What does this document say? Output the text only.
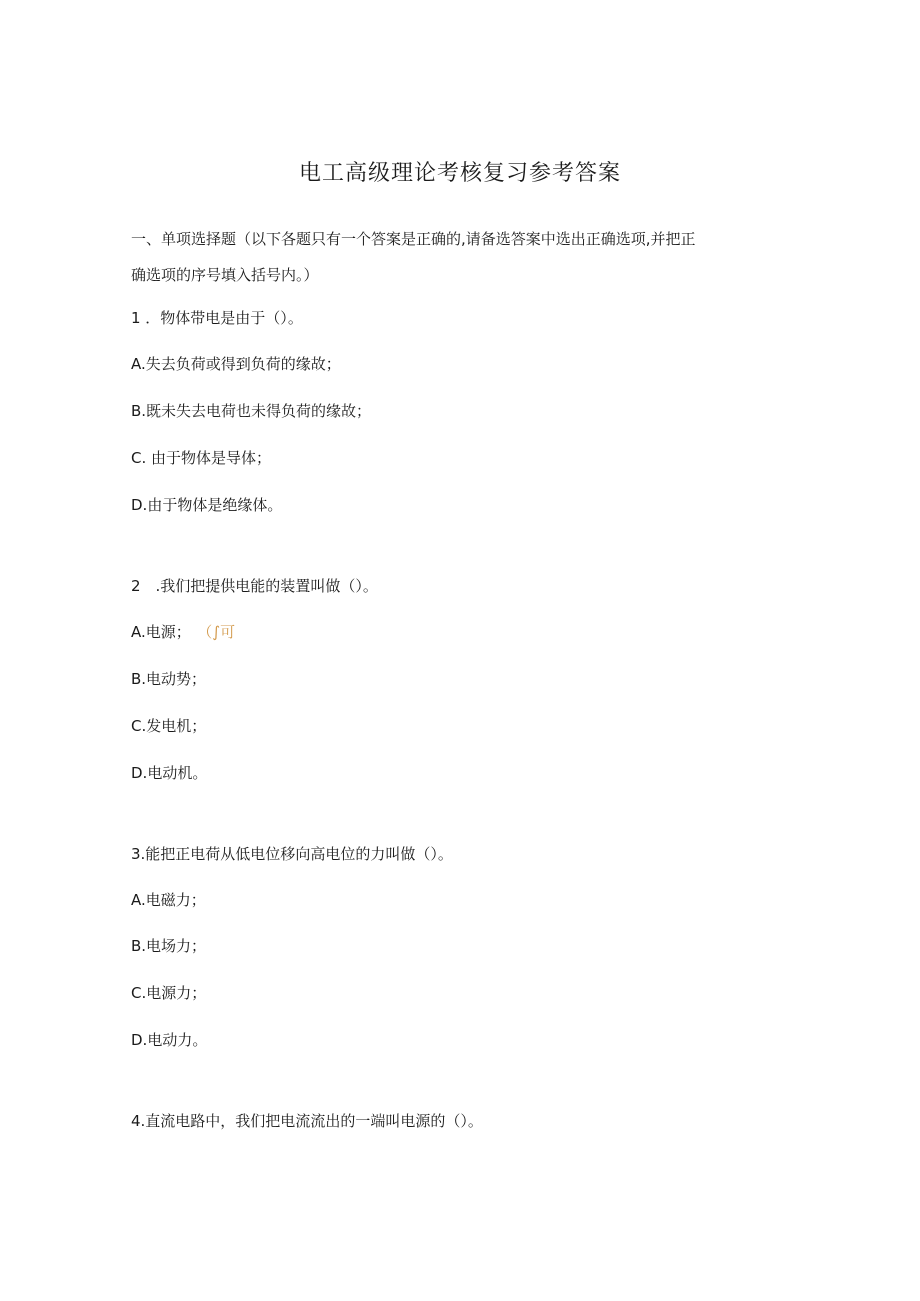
电工高级理论考核复习参考答案
一、单项选择题（以下各题只有一个答案是正确的,请备选答案中选出正确选项,并把正
确选项的序号填入括号内。）
1 ．物体带电是由于（）。
A.失去负荷或得到负荷的缘故；
B.既未失去电荷也未得负荷的缘故；
C. 由于物体是导体；
D.由于物体是绝缘体。
2　.我们把提供电能的装置叫做（）。
A.电源； （∫可
B.电动势；
C.发电机；
D.电动机。
3.能把正电荷从低电位移向高电位的力叫做（）。
A.电磁力；
B.电场力；
C.电源力；
D.电动力。
4.直流电路中，我们把电流流出的一端叫电源的（）。
